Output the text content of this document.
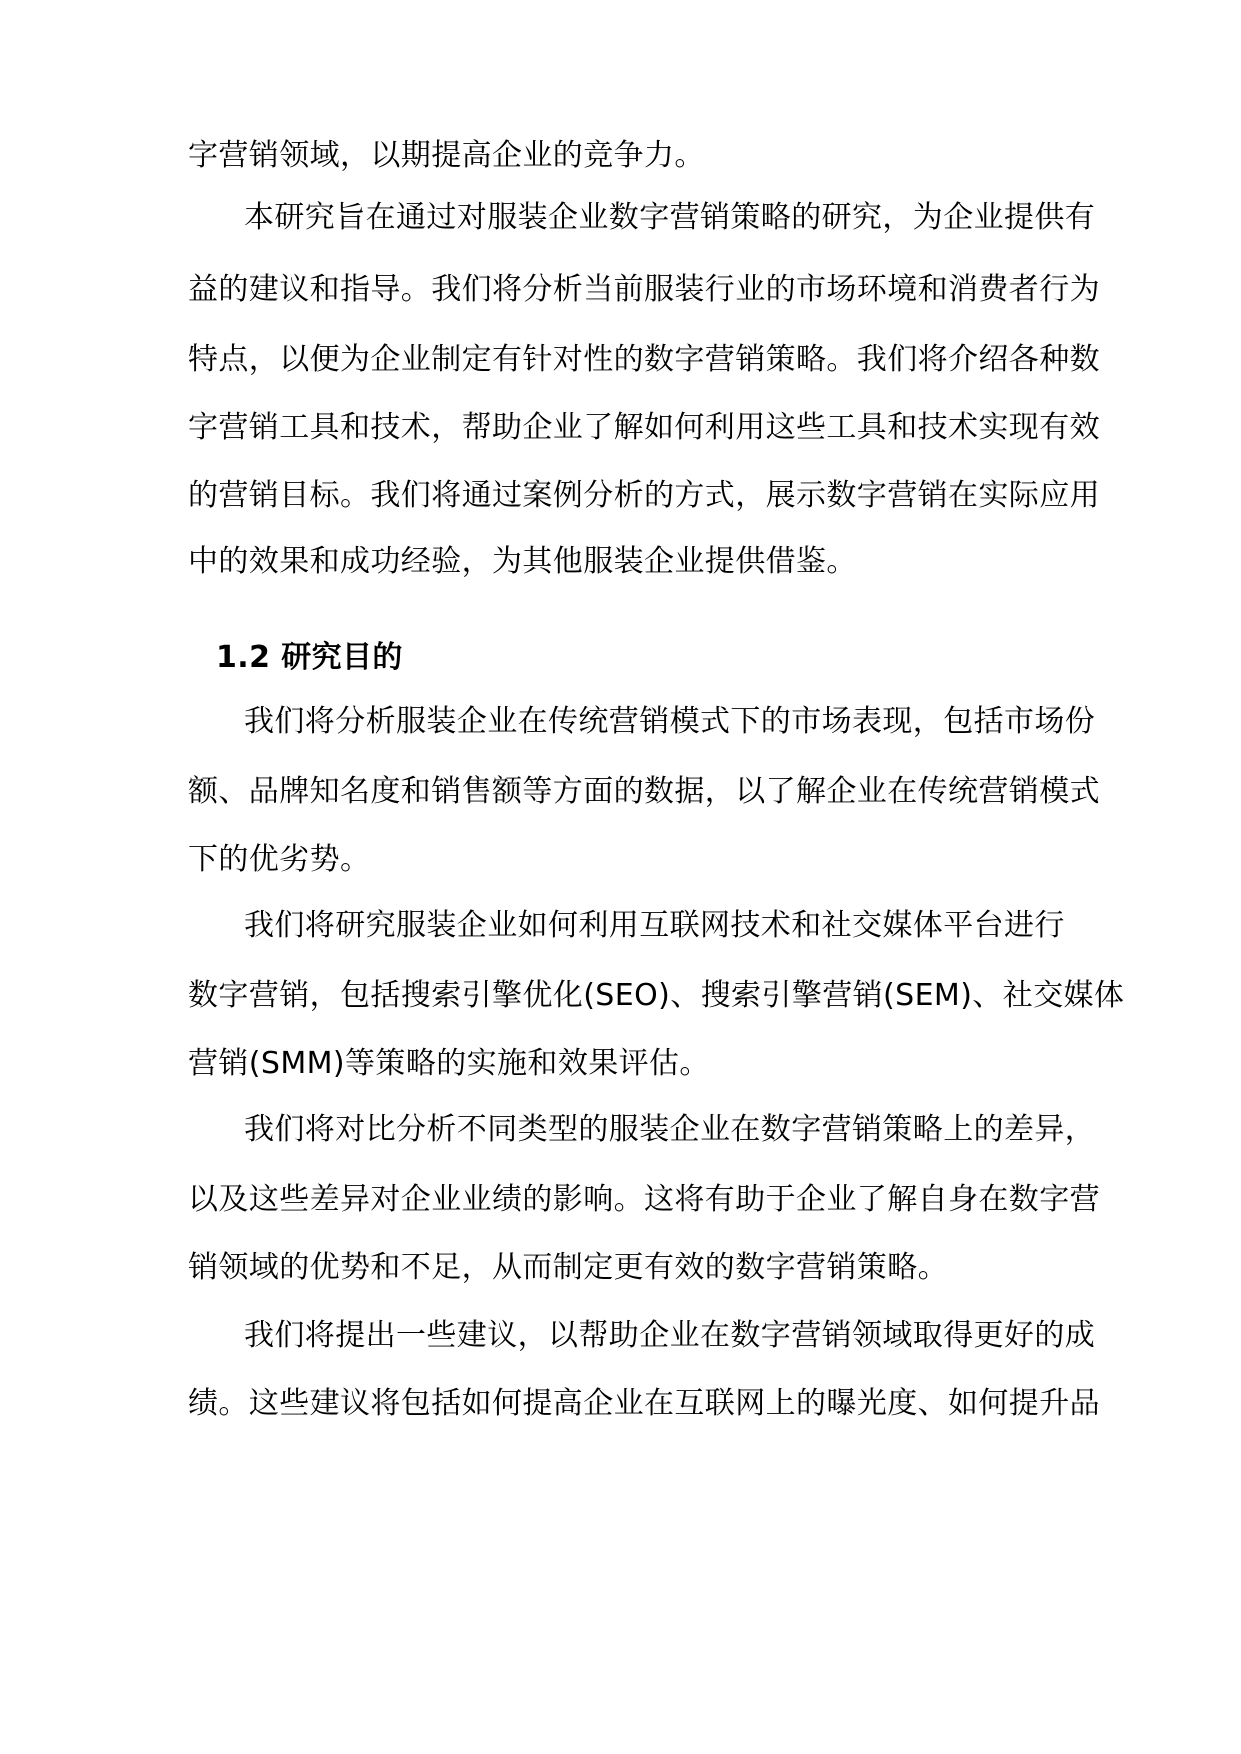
字营销领域，以期提高企业的竞争力。
本研究旨在通过对服装企业数字营销策略的研究，为企业提供有
益的建议和指导。我们将分析当前服装行业的市场环境和消费者行为
特点，以便为企业制定有针对性的数字营销策略。我们将介绍各种数
字营销工具和技术，帮助企业了解如何利用这些工具和技术实现有效
的营销目标。我们将通过案例分析的方式，展示数字营销在实际应用
中的效果和成功经验，为其他服装企业提供借鉴。
1.2 研究目的
我们将分析服装企业在传统营销模式下的市场表现，包括市场份
额、品牌知名度和销售额等方面的数据，以了解企业在传统营销模式
下的优劣势。
我们将研究服装企业如何利用互联网技术和社交媒体平台进行
数字营销，包括搜索引擎优化(SEO)、搜索引擎营销(SEM)、社交媒体
营销(SMM)等策略的实施和效果评估。
我们将对比分析不同类型的服装企业在数字营销策略上的差异，
以及这些差异对企业业绩的影响。这将有助于企业了解自身在数字营
销领域的优势和不足，从而制定更有效的数字营销策略。
我们将提出一些建议，以帮助企业在数字营销领域取得更好的成
绩。这些建议将包括如何提高企业在互联网上的曝光度、如何提升品
